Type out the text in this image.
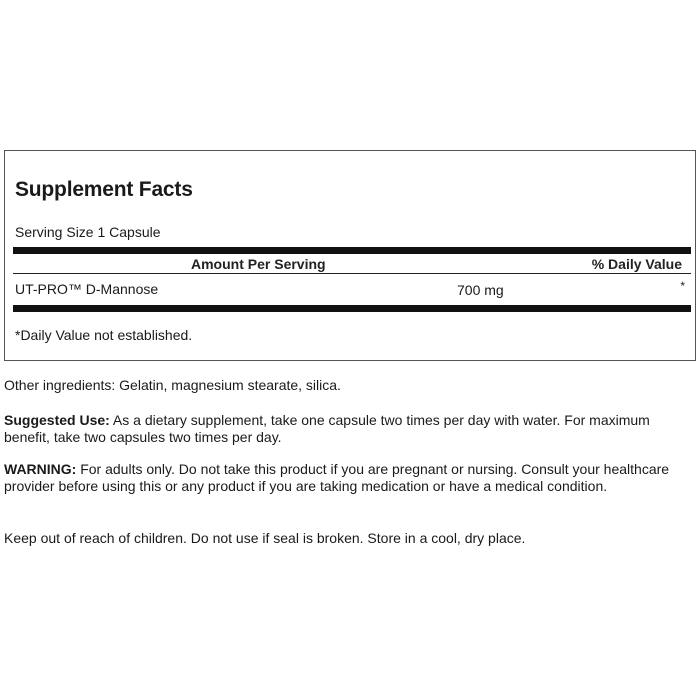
Supplement Facts
Serving Size 1 Capsule
Amount Per Serving	% Daily Value
UT-PRO™ D-Mannose	700 mg	*
*Daily Value not established.
Other ingredients: Gelatin, magnesium stearate, silica.
Suggested Use: As a dietary supplement, take one capsule two times per day with water. For maximum benefit, take two capsules two times per day.
WARNING: For adults only. Do not take this product if you are pregnant or nursing. Consult your healthcare provider before using this or any product if you are taking medication or have a medical condition.
Keep out of reach of children. Do not use if seal is broken. Store in a cool, dry place.
